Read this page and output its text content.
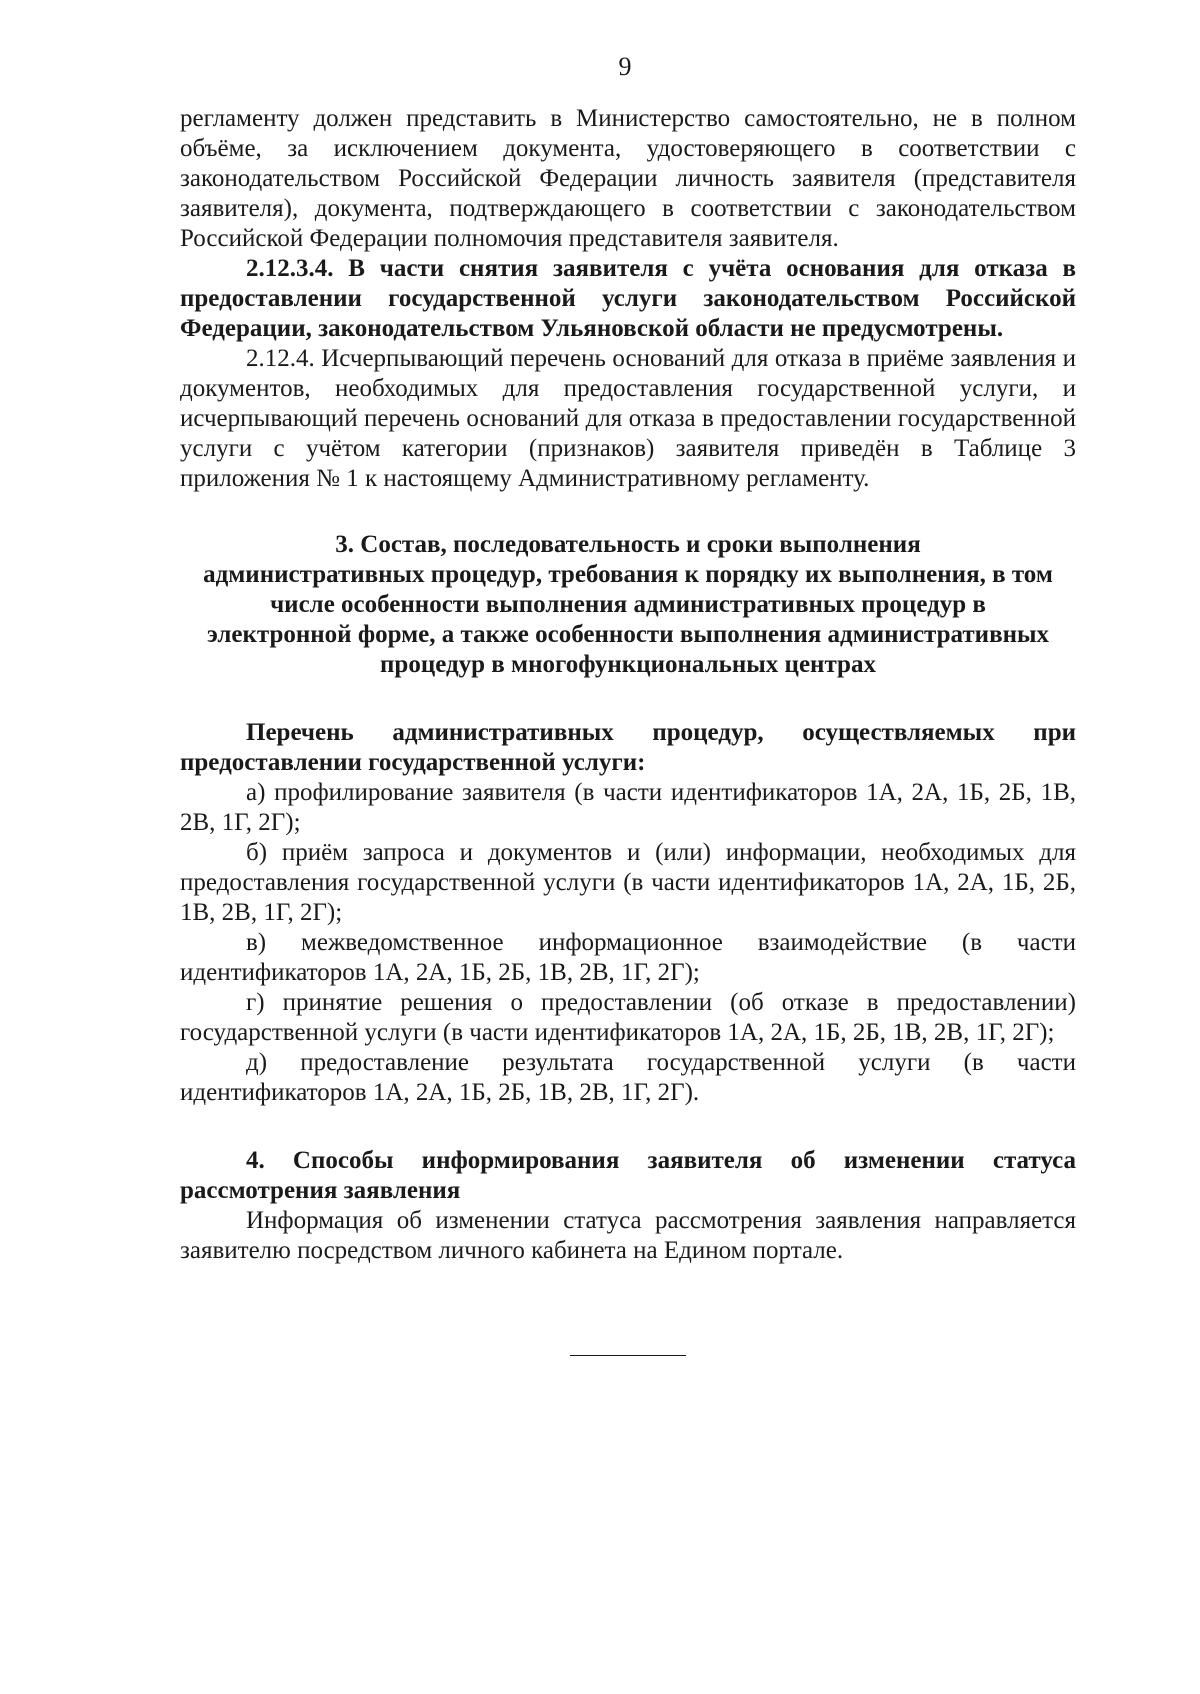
9

регламенту должен представить в Министерство самостоятельно, не в полном объёме, за исключением документа, удостоверяющего в соответствии с законодательством Российской Федерации личность заявителя (представителя заявителя), документа, подтверждающего в соответствии с законодательством Российской Федерации полномочия представителя заявителя.

2.12.3.4. В части снятия заявителя с учёта основания для отказа в предоставлении государственной услуги законодательством Российской Федерации, законодательством Ульяновской области не предусмотрены.

2.12.4. Исчерпывающий перечень оснований для отказа в приёме заявления и документов, необходимых для предоставления государственной услуги, и исчерпывающий перечень оснований для отказа в предоставлении государственной услуги с учётом категории (признаков) заявителя приведён в Таблице 3 приложения № 1 к настоящему Административному регламенту.

3. Состав, последовательность и сроки выполнения
административных процедур, требования к порядку их выполнения, в том
числе особенности выполнения административных процедур в
электронной форме, а также особенности выполнения административных
процедур в многофункциональных центрах

Перечень административных процедур, осуществляемых при предоставлении государственной услуги:

а) профилирование заявителя (в части идентификаторов 1А, 2А, 1Б, 2Б, 1В, 2В, 1Г, 2Г);

б) приём запроса и документов и (или) информации, необходимых для предоставления государственной услуги (в части идентификаторов 1А, 2А, 1Б, 2Б, 1В, 2В, 1Г, 2Г);

в) межведомственное информационное взаимодействие (в части идентификаторов 1А, 2А, 1Б, 2Б, 1В, 2В, 1Г, 2Г);

г) принятие решения о предоставлении (об отказе в предоставлении) государственной услуги (в части идентификаторов 1А, 2А, 1Б, 2Б, 1В, 2В, 1Г, 2Г);

д) предоставление результата государственной услуги (в части идентификаторов 1А, 2А, 1Б, 2Б, 1В, 2В, 1Г, 2Г).

4. Способы информирования заявителя об изменении статуса рассмотрения заявления

Информация об изменении статуса рассмотрения заявления направляется заявителю посредством личного кабинета на Едином портале.
